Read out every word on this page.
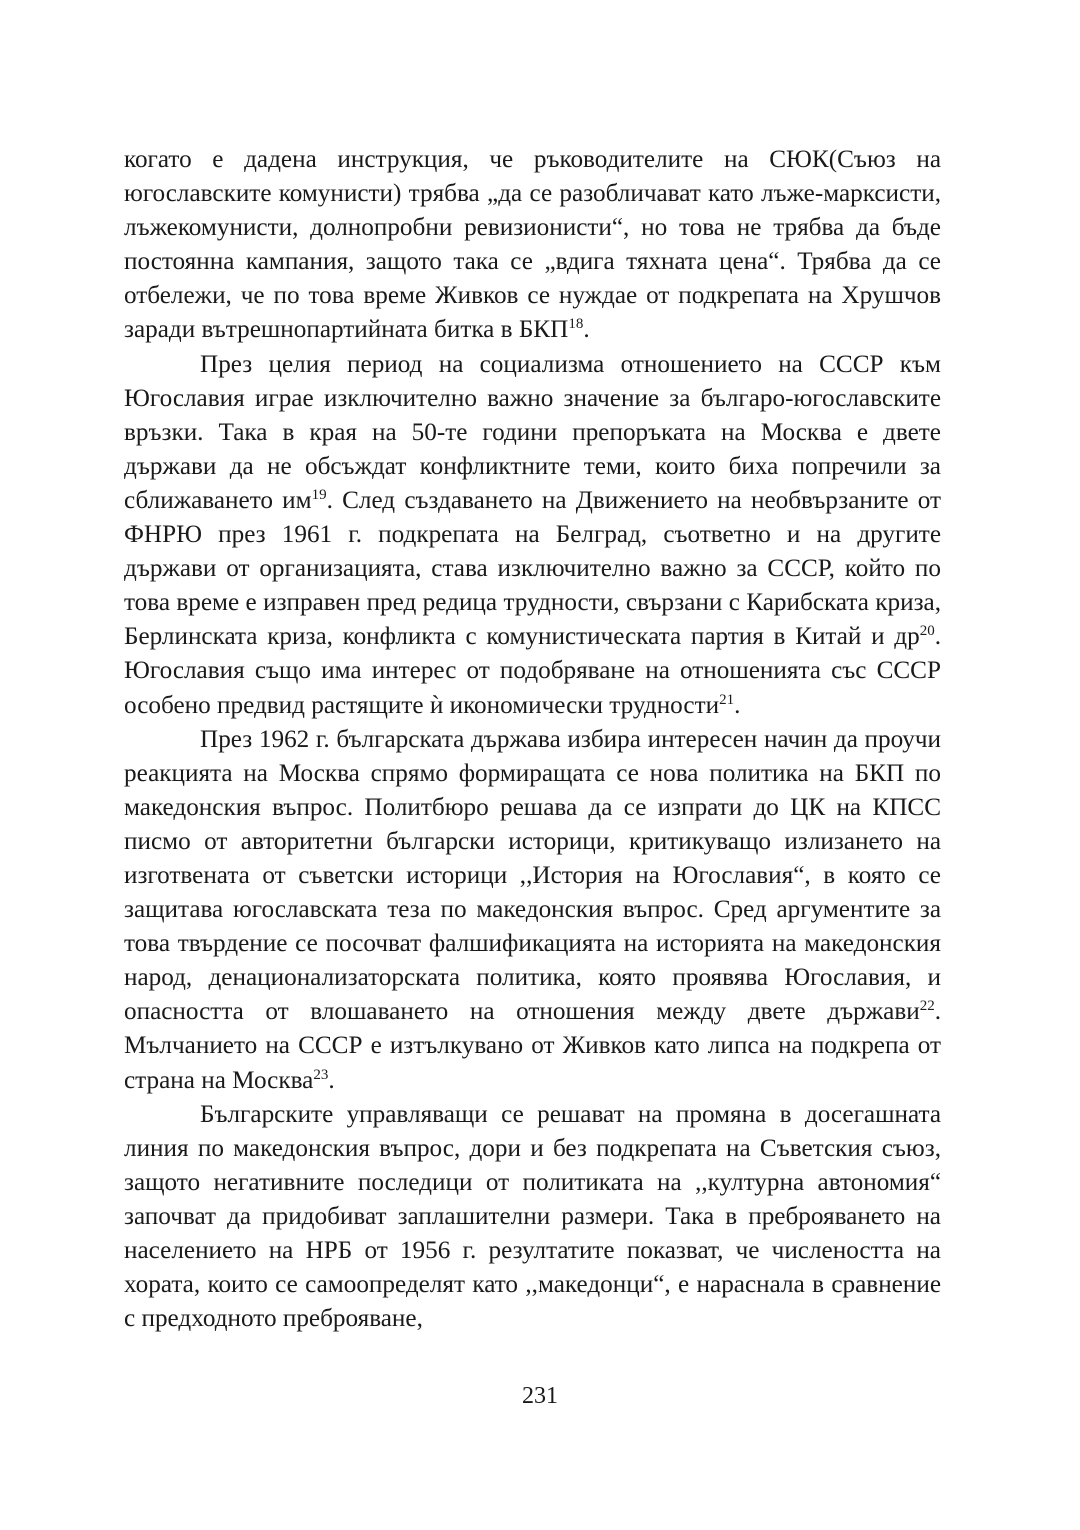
когато е дадена инструкция, че ръководителите на СЮК(Съюз на югославските комунисти) трябва „да се разобличават като лъже-марксисти, лъжекомунисти, долнопробни ревизионисти“, но това не трябва да бъде постоянна кампания, защото така се „вдига тяхната цена“. Трябва да се отбележи, че по това време Живков се нуждае от подкрепата на Хрушчов заради вътрешнопартийната битка в БКП$^{18}$.

През целия период на социализма отношението на СССР към Югославия играе изключително важно значение за българо-югославските връзки. Така в края на 50-те години препоръката на Москва е двете държави да не обсъждат конфликтните теми, които биха попречили за сближаването $им^{19}$. След създаването на Движението на необвързаните от ФНРЮ през 1961 г. подкрепата на Белград, съответно и на другите държави от организацията, става изключително важно за СССР, който по това време е изправен пред редица трудности, свързани с Карибската криза, Берлинската криза, конфликта с комунистическата партия в Китай и $др^{20}$. Югославия също има интерес от подобряване на отношенията със СССР особено предвид растящите ѝ икономически трудности$^{21}$.

През 1962 г. българската държава избира интересен начин да проучи реакцията на Москва спрямо формиращата се нова политика на БКП по македонския въпрос. Политбюро решава да се изпрати до ЦК на КПСС писмо от авторитетни български историци, критикуващо излизането на изготвената от съветски историци ,,История на Югославия“, в която се защитава югославската теза по македонския въпрос. Сред аргументите за това твърдение се посочват фалшификацията на историята на македонския народ, денационализаторската политика, която проявява Югославия, и опасността от влошаването на отношения между двете държави$^{22}$. Мълчанието на СССР е изтълкувано от Живков като липса на подкрепа от страна на Москва$^{23}$.

Българските управляващи се решават на промяна в досегашната линия по македонския въпрос, дори и без подкрепата на Съветския съюз, защото негативните последици от политиката на ,,културна автономия“ започват да придобиват заплашителни размери. Така в преброяването на населението на НРБ от 1956 г. резултатите показват, че числеността на хората, които се самоопределят като ,,македонци“, е нараснала в сравнение с предходното преброяване,

231
